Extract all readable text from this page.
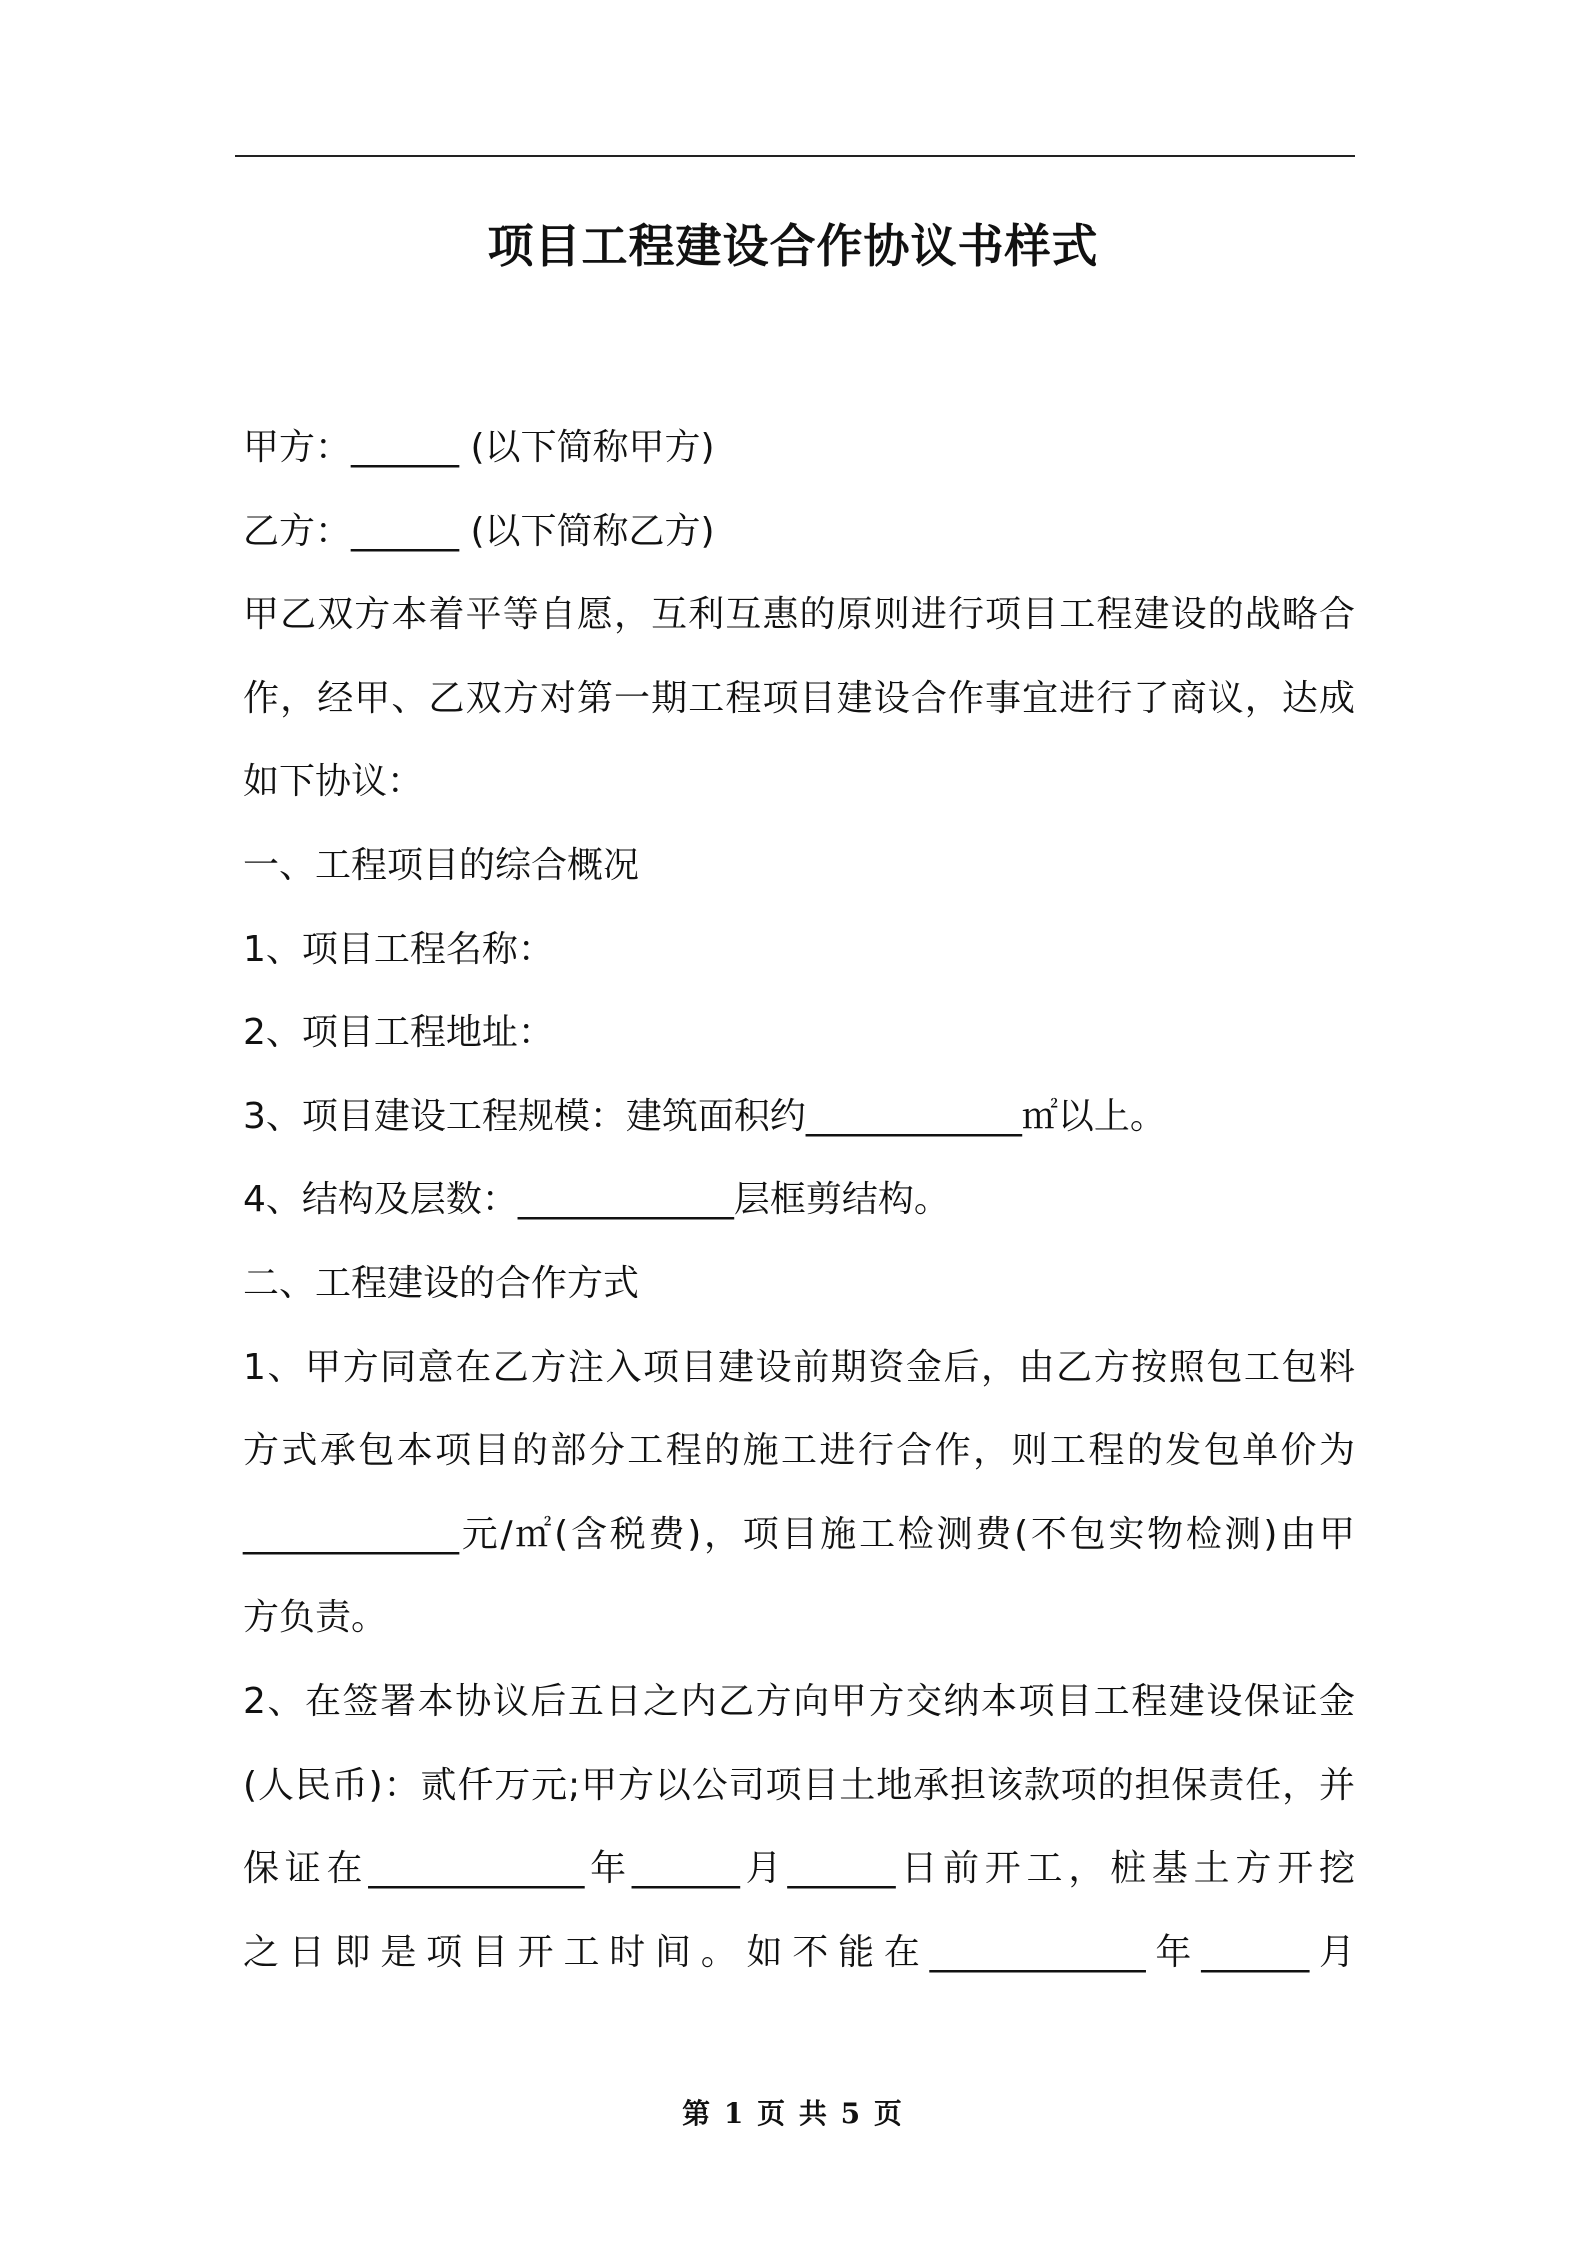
项目工程建设合作协议书样式
甲方：______ (以下简称甲方)
乙方：______ (以下简称乙方)
甲乙双方本着平等自愿，互利互惠的原则进行项目工程建设的战略合
作，经甲、乙双方对第一期工程项目建设合作事宜进行了商议，达成
如下协议：
一、工程项目的综合概况
1、项目工程名称：
2、项目工程地址：
3、项目建设工程规模：建筑面积约____________㎡以上。
4、结构及层数：____________层框剪结构。
二、工程建设的合作方式
1、甲方同意在乙方注入项目建设前期资金后，由乙方按照包工包料
方式承包本项目的部分工程的施工进行合作，则工程的发包单价为
____________元/㎡(含税费)，项目施工检测费(不包实物检测)由甲
方负责。
2、在签署本协议后五日之内乙方向甲方交纳本项目工程建设保证金
(人民币)：贰仟万元;甲方以公司项目土地承担该款项的担保责任，并
保证在____________年______月______日前开工，桩基土方开挖
之日即是项目开工时间。如不能在____________年______月
第 1 页 共 5 页
